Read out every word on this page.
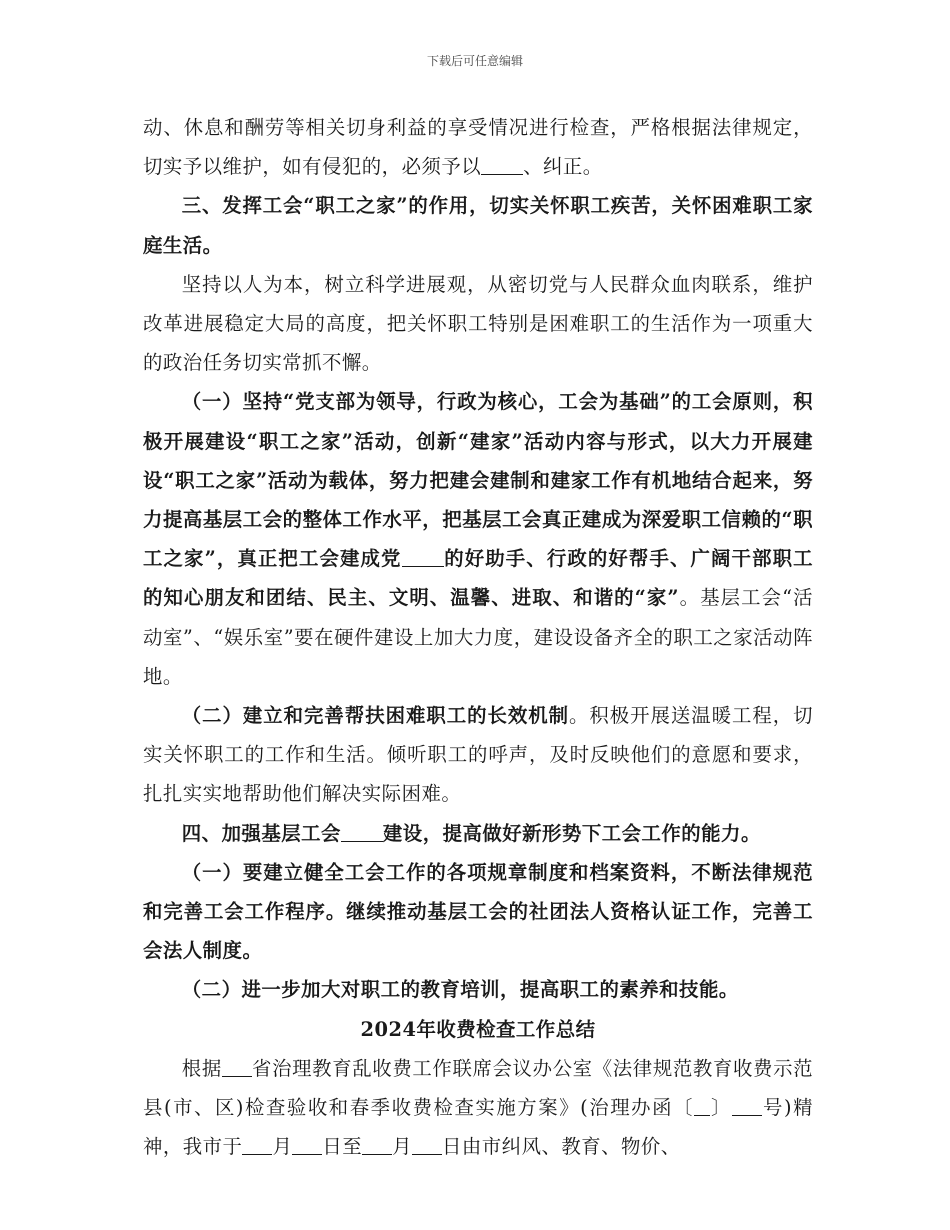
下载后可任意编辑

动、休息和酬劳等相关切身利益的享受情况进行检查，严格根据法律规定，切实予以维护，如有侵犯的，必须予以 、纠正。

三、发挥工会“职工之家”的作用，切实关怀职工疾苦，关怀困难职工家庭生活。

坚持以人为本，树立科学进展观，从密切党与人民群众血肉联系，维护改革进展稳定大局的高度，把关怀职工特别是困难职工的生活作为一项重大的政治任务切实常抓不懈。

（一）坚持“党支部为领导，行政为核心，工会为基础”的工会原则，积极开展建设“职工之家”活动，创新“建家”活动内容与形式，以大力开展建设“职工之家”活动为载体，努力把建会建制和建家工作有机地结合起来，努力提高基层工会的整体工作水平，把基层工会真正建成为深爱职工信赖的“职工之家”，真正把工会建成党 的好助手、行政的好帮手、广阔干部职工的知心朋友和团结、民主、文明、温馨、进取、和谐的“家”。基层工会“活动室”、“娱乐室”要在硬件建设上加大力度，建设设备齐全的职工之家活动阵地。

（二）建立和完善帮扶困难职工的长效机制。积极开展送温暖工程，切实关怀职工的工作和生活。倾听职工的呼声，及时反映他们的意愿和要求，扎扎实实地帮助他们解决实际困难。

四、加强基层工会 建设，提高做好新形势下工会工作的能力。

（一）要建立健全工会工作的各项规章制度和档案资料，不断法律规范和完善工会工作程序。继续推动基层工会的社团法人资格认证工作，完善工会法人制度。

（二）进一步加大对职工的教育培训，提高职工的素养和技能。

2024年收费检查工作总结

根据 省治理教育乱收费工作联席会议办公室《法律规范教育收费示范县(市、区)检查验收和春季收费检查实施方案》(治理办函〔 〕 号)精神，我市于 月 日至 月 日由市纠风、教育、物价、
